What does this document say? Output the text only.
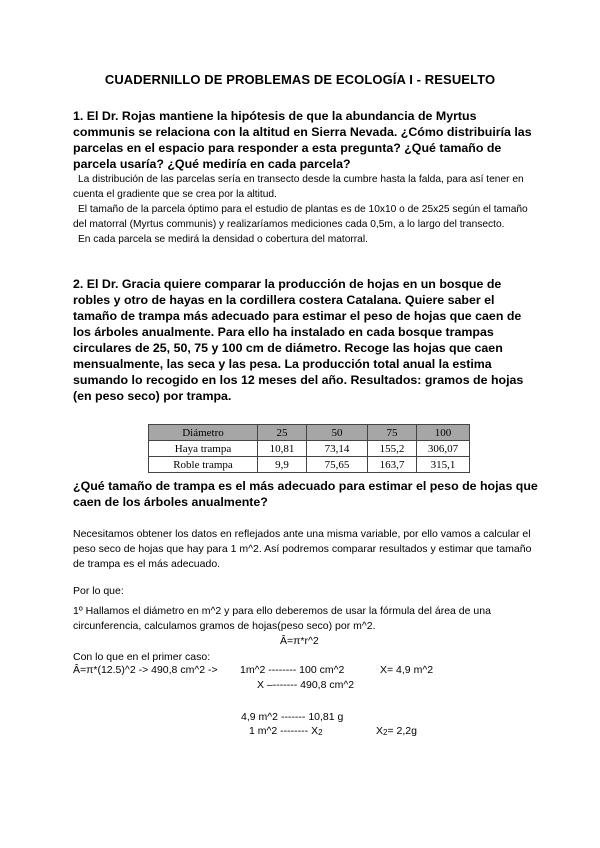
CUADERNILLO DE PROBLEMAS DE ECOLOGÍA I - RESUELTO
1. El Dr. Rojas mantiene la hipótesis de que la abundancia de Myrtus communis se relaciona con la altitud en Sierra Nevada. ¿Cómo distribuiría las parcelas en el espacio para responder a esta pregunta? ¿Qué tamaño de parcela usaría? ¿Qué mediría en cada parcela?

La distribución de las parcelas sería en transecto desde la cumbre hasta la falda, para así tener en cuenta el gradiente que se crea por la altitud.

El tamaño de la parcela óptimo para el estudio de plantas es de 10x10 o de 25x25 según el tamaño del matorral (Myrtus communis) y realizaríamos mediciones cada 0,5m, a lo largo del transecto.

En cada parcela se medirá la densidad o cobertura del matorral.

2. El Dr. Gracia quiere comparar la producción de hojas en un bosque de robles y otro de hayas en la cordillera costera Catalana. Quiere saber el tamaño de trampa más adecuado para estimar el peso de hojas que caen de los árboles anualmente. Para ello ha instalado en cada bosque trampas circulares de 25, 50, 75 y 100 cm de diámetro. Recoge las hojas que caen mensualmente, las seca y las pesa. La producción total anual la estima sumando lo recogido en los 12 meses del año. Resultados: gramos de hojas (en peso seco) por trampa.
Diámetro	25	50	75	100
Haya trampa	10,81	73,14	155,2	306,07
Roble trampa	9,9	75,65	163,7	315,1
¿Qué tamaño de trampa es el más adecuado para estimar el peso de hojas que caen de los árboles anualmente?
Necesitamos obtener los datos en reflejados ante una misma variable, por ello vamos a calcular el peso seco de hojas que hay para 1 m^2. Así podremos comparar resultados y estimar que tamaño de trampa es el más adecuado.
Por lo que:
1º Hallamos el diámetro en m^2 y para ello deberemos de usar la fórmula del área de una circunferencia, calculamos gramos de hojas(peso seco) por m^2.
Â=π*r^2
Con lo que en el primer caso:
Â=π*(12.5)^2 -> 490,8 cm^2 -> 1m^2 -------- 100 cm^2	X= 4,9 m^2
X –------- 490,8 cm^2
4,9 m^2 ------- 10,81 g
1 m^2 -------- $X_2$	$X_2= 2,2g$
